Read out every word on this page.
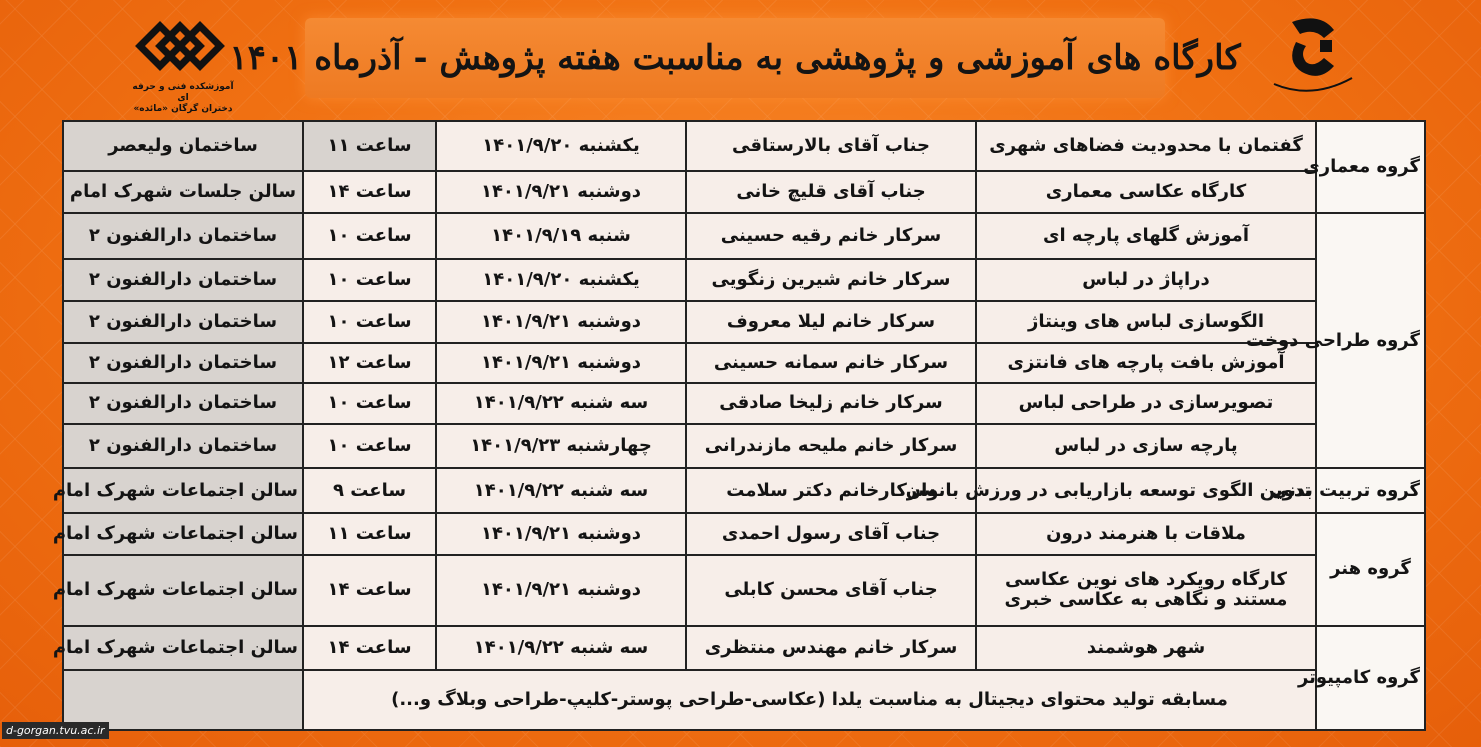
آموزشکده فنی و حرفه ای
دختران گرگان «مائده»
کارگاه های آموزشی و پژوهشی به مناسبت هفته پژوهش - آذرماه ۱۴۰۱
ساختمان ولیعصر	ساعت ۱۱	یکشنبه ۱۴۰۱/۹/۲۰	جناب آقای بالارستاقی	گفتمان با محدودیت فضاهای شهری	گروه معماری
سالن جلسات شهرک امام	ساعت ۱۴	دوشنبه ۱۴۰۱/۹/۲۱	جناب آقای قلیچ خانی	کارگاه عکاسی معماری	
ساختمان دارالفنون ۲	ساعت ۱۰	شنبه ۱۴۰۱/۹/۱۹	سرکار خانم رقیه حسینی	آموزش گلهای پارچه ای	گروه طراحی دوخت
ساختمان دارالفنون ۲	ساعت ۱۰	یکشنبه ۱۴۰۱/۹/۲۰	سرکار خانم شیرین زنگویی	دراپاژ در لباس	
ساختمان دارالفنون ۲	ساعت ۱۰	دوشنبه ۱۴۰۱/۹/۲۱	سرکار خانم لیلا معروف	الگوسازی لباس های وینتاژ	
ساختمان دارالفنون ۲	ساعت ۱۲	دوشنبه ۱۴۰۱/۹/۲۱	سرکار خانم سمانه حسینی	آموزش بافت پارچه های فانتزی	
ساختمان دارالفنون ۲	ساعت ۱۰	سه شنبه ۱۴۰۱/۹/۲۲	سرکار خانم زلیخا صادقی	تصویرسازی در طراحی لباس	
ساختمان دارالفنون ۲	ساعت ۱۰	چهارشنبه ۱۴۰۱/۹/۲۳	سرکار خانم ملیحه مازندرانی	پارچه سازی در لباس	
سالن اجتماعات شهرک امام	ساعت ۹	سه شنبه ۱۴۰۱/۹/۲۲	سرکارخانم دکتر سلامت	تدوین الگوی توسعه بازاریابی در ورزش بانوان	گروه تربیت بدنی
سالن اجتماعات شهرک امام	ساعت ۱۱	دوشنبه ۱۴۰۱/۹/۲۱	جناب آقای رسول احمدی	ملاقات با هنرمند درون	گروه هنر
سالن اجتماعات شهرک امام	ساعت ۱۴	دوشنبه ۱۴۰۱/۹/۲۱	جناب آقای محسن کابلی	کارگاه رویکرد های نوین عکاسی
مستند و نگاهی به عکاسی خبری	

سالن اجتماعات شهرک امام	ساعت ۱۴	سه شنبه ۱۴۰۱/۹/۲۲	سرکار خانم مهندس منتظری	شهر هوشمند	گروه کامپیوتر
	مسابقه تولید محتوای دیجیتال به مناسبت یلدا (عکاسی-طراحی پوستر-کلیپ-طراحی وبلاگ و...)				
d-gorgan.tvu.ac.ir
